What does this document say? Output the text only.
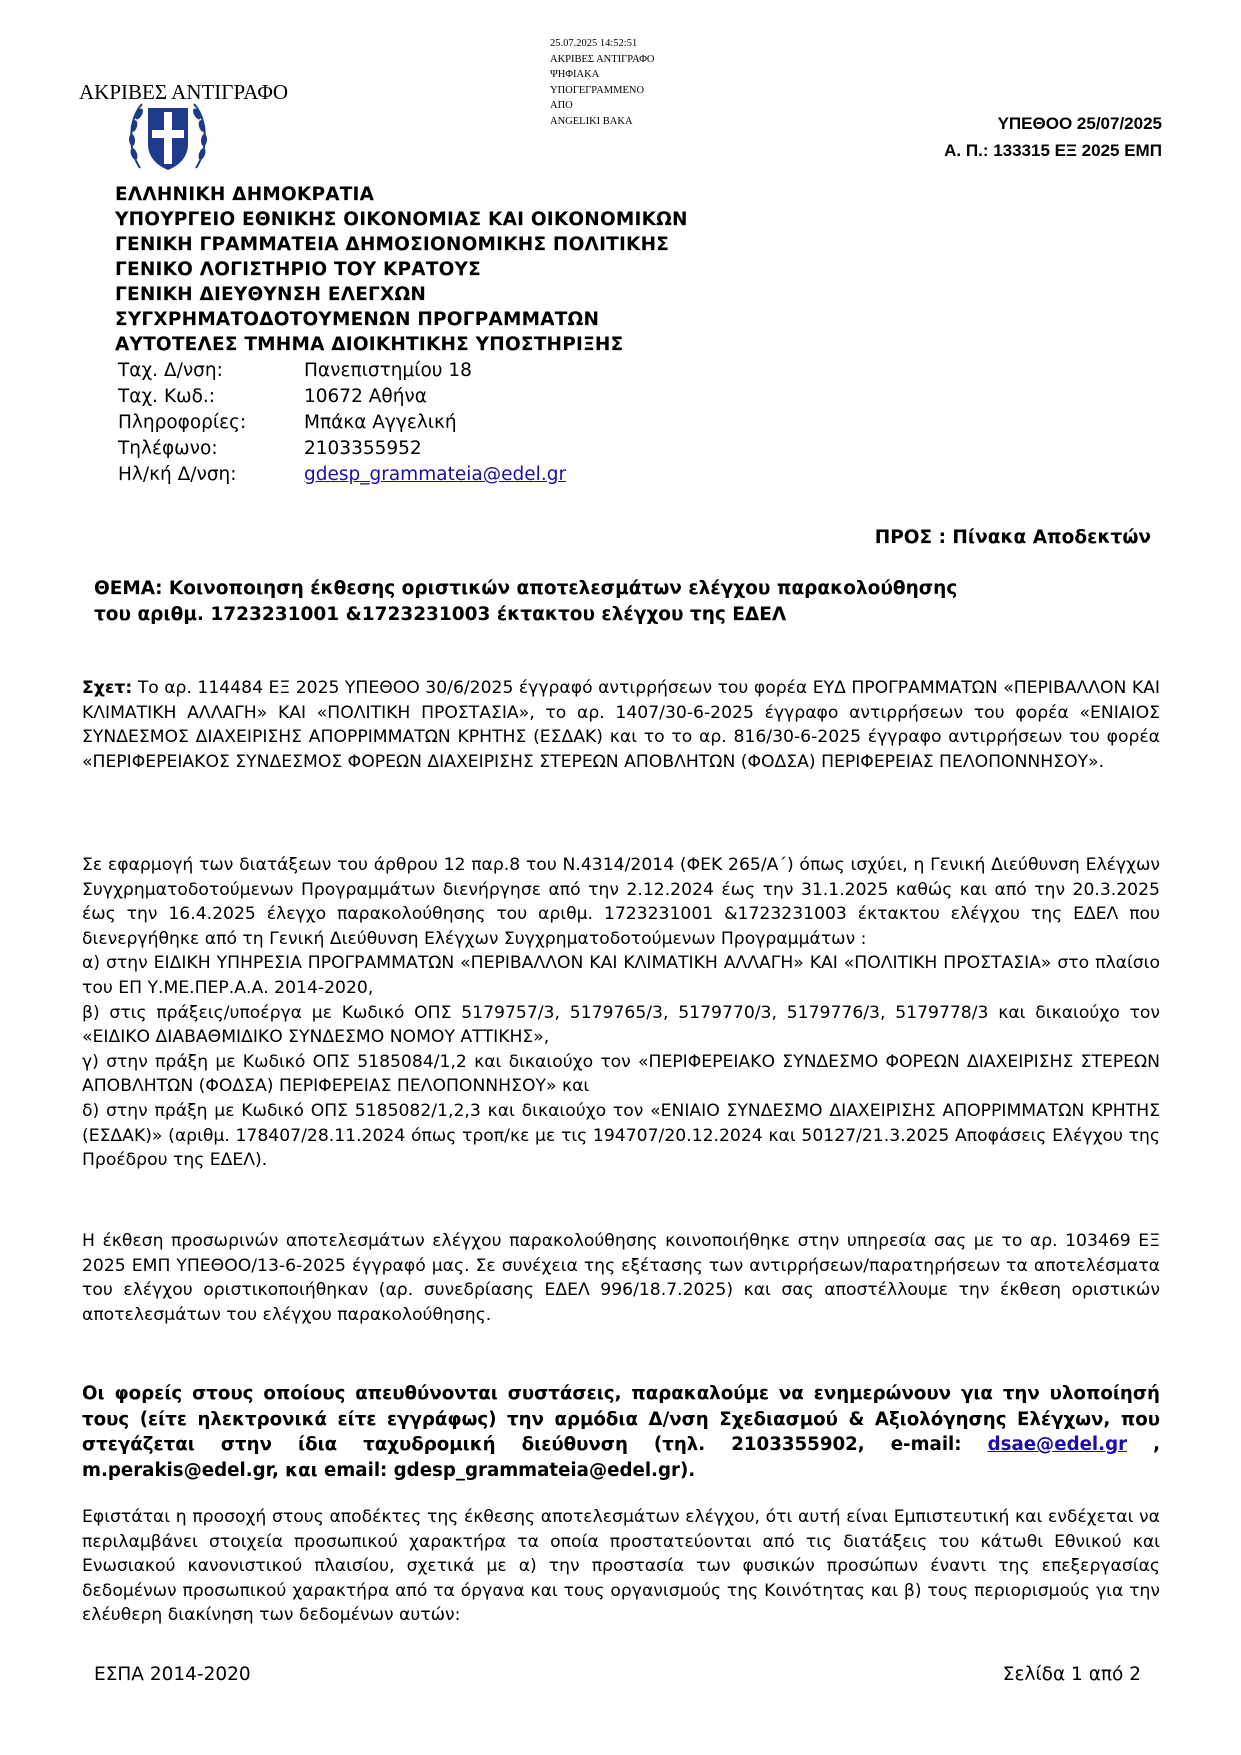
ΑΚΡΙΒΕΣ ΑΝΤΙΓΡΑΦΟ
25.07.2025 14:52:51
ΑΚΡΙΒΕΣ ΑΝΤΙΓΡΑΦΟ
ΨΗΦΙΑΚΑ
ΥΠΟΓΕΓΡΑΜΜΕΝΟ
ΑΠΟ
ANGELIKI BAKA	ΥΠΕΘΟΟ 25/07/2025
Α. Π.: 133315 ΕΞ 2025 ΕΜΠ
ΕΛΛΗΝΙΚΗ ΔΗΜΟΚΡΑΤΙΑ
ΥΠΟΥΡΓΕΙΟ ΕΘΝΙΚΗΣ ΟΙΚΟΝΟΜΙΑΣ ΚΑΙ ΟΙΚΟΝΟΜΙΚΩΝ
ΓΕΝΙΚΗ ΓΡΑΜΜΑΤΕΙΑ ΔΗΜΟΣΙΟΝΟΜΙΚΗΣ ΠΟΛΙΤΙΚΗΣ
ΓΕΝΙΚΟ ΛΟΓΙΣΤΗΡΙΟ ΤΟΥ ΚΡΑΤΟΥΣ
ΓΕΝΙΚΗ ΔΙΕΥΘΥΝΣΗ ΕΛΕΓΧΩΝ
ΣΥΓΧΡΗΜΑΤΟΔΟΤΟΥΜΕΝΩΝ ΠΡΟΓΡΑΜΜΑΤΩΝ
ΑΥΤΟΤΕΛΕΣ ΤΜΗΜΑ ΔΙΟΙΚΗΤΙΚΗΣ ΥΠΟΣΤΗΡΙΞΗΣ
Ταχ. Δ/νση:	Πανεπιστημίου 18
Ταχ. Κωδ.:	10672 Αθήνα
Πληροφορίες:	Μπάκα Αγγελική
Τηλέφωνο:	2103355952
Ηλ/κή Δ/νση:	gdesp_grammateia@edel.gr
ΠΡΟΣ : Πίνακα Αποδεκτών
ΘΕΜΑ: Κοινοποιηση έκθεσης οριστικών αποτελεσμάτων ελέγχου παρακολούθησης
του αριθμ. 1723231001 &1723231003 έκτακτου ελέγχου της ΕΔΕΛ

Σχετ: Το αρ. 114484 ΕΞ 2025 ΥΠΕΘΟΟ 30/6/2025 έγγραφό αντιρρήσεων του φορέα ΕΥΔ ΠΡΟΓΡΑΜΜΑΤΩΝ «ΠΕΡΙΒΑΛΛΟΝ ΚΑΙ ΚΛΙΜΑΤΙΚΗ ΑΛΛΑΓΗ» ΚΑΙ «ΠΟΛΙΤΙΚΗ ΠΡΟΣΤΑΣΙΑ», το αρ. 1407/30-6-2025 έγγραφο αντιρρήσεων του φορέα «ΕΝΙΑΙΟΣ ΣΥΝΔΕΣΜΟΣ ΔΙΑΧΕΙΡΙΣΗΣ ΑΠΟΡΡΙΜΜΑΤΩΝ ΚΡΗΤΗΣ (ΕΣΔΑΚ) και το το αρ. 816/30-6-2025 έγγραφο αντιρρήσεων του φορέα «ΠΕΡΙΦΕΡΕΙΑΚΟΣ ΣΥΝΔΕΣΜΟΣ ΦΟΡΕΩΝ ΔΙΑΧΕΙΡΙΣΗΣ ΣΤΕΡΕΩΝ ΑΠΟΒΛΗΤΩΝ (ΦΟΔΣΑ) ΠΕΡΙΦΕΡΕΙΑΣ ΠΕΛΟΠΟΝΝΗΣΟΥ».

Σε εφαρμογή των διατάξεων του άρθρου 12 παρ.8 του Ν.4314/2014 (ΦΕΚ 265/Α΄) όπως ισχύει, η Γενική Διεύθυνση Ελέγχων Συγχρηματοδοτούμενων Προγραμμάτων διενήργησε από την 2.12.2024 έως την 31.1.2025 καθώς και από την 20.3.2025 έως την 16.4.2025 έλεγχο παρακολούθησης του αριθμ. 1723231001 &1723231003 έκτακτου ελέγχου της ΕΔΕΛ που διενεργήθηκε από τη Γενική Διεύθυνση Ελέγχων Συγχρηματοδοτούμενων Προγραμμάτων :

α) στην ΕΙΔΙΚΗ ΥΠΗΡΕΣΙΑ ΠΡΟΓΡΑΜΜΑΤΩΝ «ΠΕΡΙΒΑΛΛΟΝ ΚΑΙ ΚΛΙΜΑΤΙΚΗ ΑΛΛΑΓΗ» ΚΑΙ «ΠΟΛΙΤΙΚΗ ΠΡΟΣΤΑΣΙΑ» στο πλαίσιο του ΕΠ Υ.ΜΕ.ΠΕΡ.Α.Α. 2014-2020,

β) στις πράξεις/υποέργα με Κωδικό ΟΠΣ 5179757/3, 5179765/3, 5179770/3, 5179776/3, 5179778/3 και δικαιούχο τον «ΕΙΔΙΚΟ ΔΙΑΒΑΘΜΙΔΙΚΟ ΣΥΝΔΕΣΜΟ ΝΟΜΟΥ ΑΤΤΙΚΗΣ»,

γ) στην πράξη με Κωδικό ΟΠΣ 5185084/1,2 και δικαιούχο τον «ΠΕΡΙΦΕΡΕΙΑΚΟ ΣΥΝΔΕΣΜΟ ΦΟΡΕΩΝ ΔΙΑΧΕΙΡΙΣΗΣ ΣΤΕΡΕΩΝ ΑΠΟΒΛΗΤΩΝ (ΦΟΔΣΑ) ΠΕΡΙΦΕΡΕΙΑΣ ΠΕΛΟΠΟΝΝΗΣΟΥ» και

δ) στην πράξη με Κωδικό ΟΠΣ 5185082/1,2,3 και δικαιούχο τον «ΕΝΙΑΙΟ ΣΥΝΔΕΣΜΟ ΔΙΑΧΕΙΡΙΣΗΣ ΑΠΟΡΡΙΜΜΑΤΩΝ ΚΡΗΤΗΣ (ΕΣΔΑΚ)» (αριθμ. 178407/28.11.2024 όπως τροπ/κε με τις 194707/20.12.2024 και 50127/21.3.2025 Αποφάσεις Ελέγχου της Προέδρου της ΕΔΕΛ).

Η έκθεση προσωρινών αποτελεσμάτων ελέγχου παρακολούθησης κοινοποιήθηκε στην υπηρεσία σας με το αρ. 103469 ΕΞ 2025 ΕΜΠ ΥΠΕΘΟΟ/13-6-2025 έγγραφό μας. Σε συνέχεια της εξέτασης των αντιρρήσεων/παρατηρήσεων τα αποτελέσματα του ελέγχου οριστικοποιήθηκαν (αρ. συνεδρίασης ΕΔΕΛ 996/18.7.2025) και σας αποστέλλουμε την έκθεση οριστικών αποτελεσμάτων του ελέγχου παρακολούθησης.

Οι φορείς στους οποίους απευθύνονται συστάσεις, παρακαλούμε να ενημερώνουν για την υλοποίησή τους (είτε ηλεκτρονικά είτε εγγράφως) την αρμόδια Δ/νση Σχεδιασμού & Αξιολόγησης Ελέγχων, που στεγάζεται στην ίδια ταχυδρομική διεύθυνση (τηλ. 2103355902, e-mail: dsae@edel.gr , m.perakis@edel.gr, και email: gdesp_grammateia@edel.gr).

Εφιστάται η προσοχή στους αποδέκτες της έκθεσης αποτελεσμάτων ελέγχου, ότι αυτή είναι Εμπιστευτική και ενδέχεται να περιλαμβάνει στοιχεία προσωπικού χαρακτήρα τα οποία προστατεύονται από τις διατάξεις του κάτωθι Εθνικού και Ενωσιακού κανονιστικού πλαισίου, σχετικά με α) την προστασία των φυσικών προσώπων έναντι της επεξεργασίας δεδομένων προσωπικού χαρακτήρα από τα όργανα και τους οργανισμούς της Κοινότητας και β) τους περιορισμούς για την ελέυθερη διακίνηση των δεδομένων αυτών:

ΕΣΠΑ 2014-2020	Σελίδα 1 από 2
